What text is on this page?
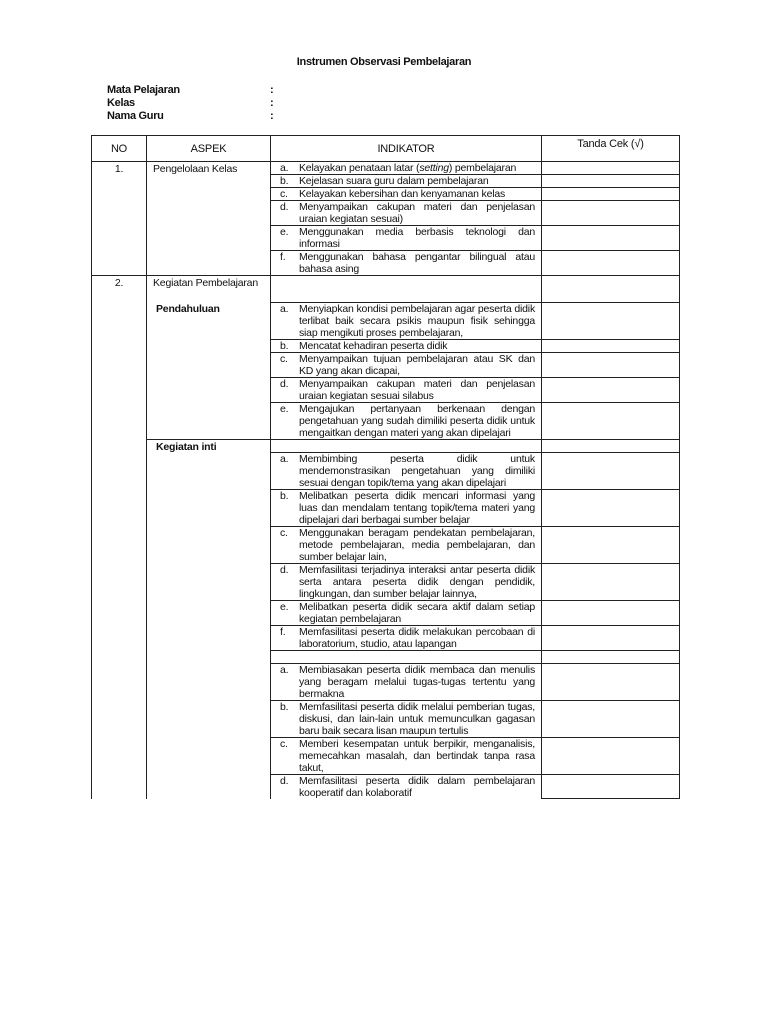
Instrumen Observasi Pembelajaran
Mata Pelajaran	:
Kelas	:
Nama Guru	:
NO	ASPEK	INDIKATOR	Tanda Cek (√)
1.	Pengelolaan Kelas	a. Kelayakan penataan latar (setting) pembelajaran	
		b. Kejelasan suara guru dalam pembelajaran	
		c. Kelayakan kebersihan dan kenyamanan kelas	
		d. Menyampaikan cakupan materi dan penjelasan uraian kegiatan sesuai)	
		e. Menggunakan media berbasis teknologi dan informasi	
		f. Menggunakan bahasa pengantar bilingual atau bahasa asing	
2.	Kegiatan Pembelajaran		
	Pendahuluan	a. Menyiapkan kondisi pembelajaran agar peserta didik terlibat baik secara psikis maupun fisik sehingga siap mengikuti proses pembelajaran,	
		b. Mencatat kehadiran peserta didik	
		c. Menyampaikan tujuan pembelajaran atau SK dan KD yang akan dicapai,	
		d. Menyampaikan cakupan materi dan penjelasan uraian kegiatan sesuai silabus	
		e. Mengajukan pertanyaan berkenaan dengan pengetahuan yang sudah dimiliki peserta didik untuk mengaitkan dengan materi yang akan dipelajari	
	Kegiatan inti		
		a. Membimbing peserta didik untuk mendemonstrasikan pengetahuan yang dimiliki sesuai dengan topik/tema yang akan dipelajari	
		b. Melibatkan peserta didik mencari informasi yang luas dan mendalam tentang topik/tema materi yang dipelajari dari berbagai sumber belajar	
		c. Menggunakan beragam pendekatan pembelajaran, metode pembelajaran, media pembelajaran, dan sumber belajar lain,	
		d. Memfasilitasi terjadinya interaksi antar peserta didik serta antara peserta didik dengan pendidik, lingkungan, dan sumber belajar lainnya,	
		e. Melibatkan peserta didik secara aktif dalam setiap kegiatan pembelajaran	
		f. Memfasilitasi peserta didik melakukan percobaan di laboratorium, studio, atau lapangan	

		a. Membiasakan peserta didik membaca dan menulis yang beragam melalui tugas-tugas tertentu yang bermakna	
		b. Memfasilitasi peserta didik melalui pemberian tugas, diskusi, dan lain-lain untuk memunculkan gagasan baru baik secara lisan maupun tertulis	
		c. Memberi kesempatan untuk berpikir, menganalisis, memecahkan masalah, dan bertindak tanpa rasa takut,	
		d. Memfasilitasi peserta didik dalam pembelajaran kooperatif dan kolaboratif	
